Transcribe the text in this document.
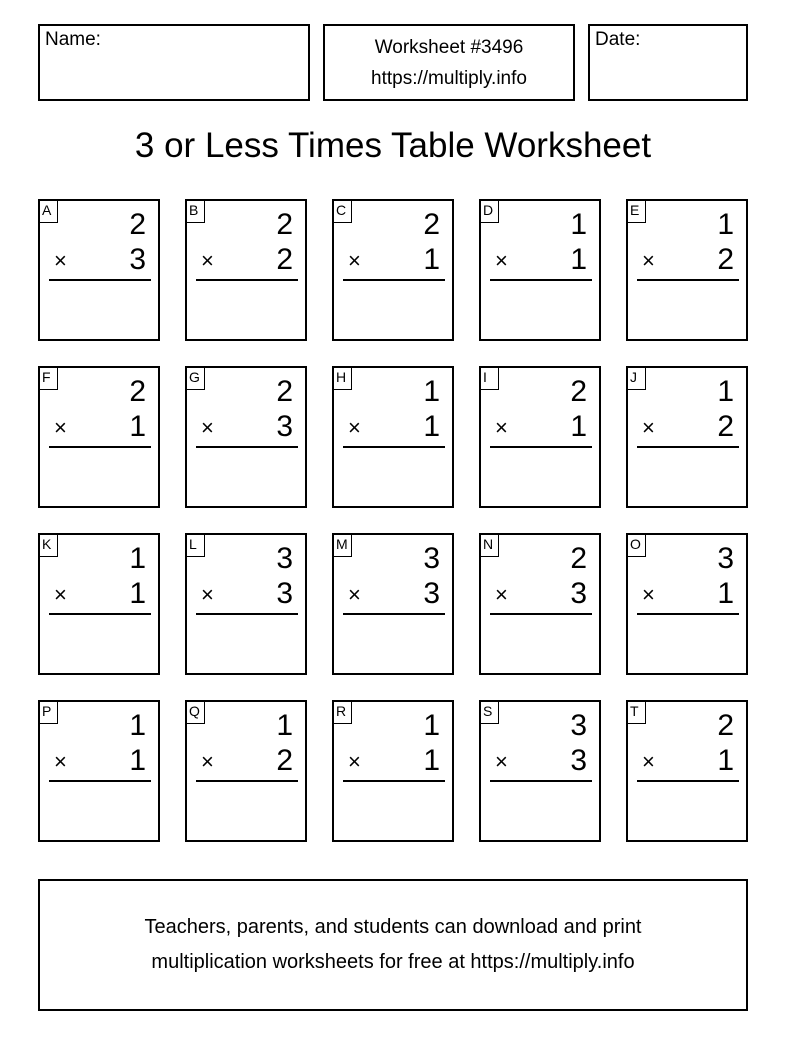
Name:	Worksheet #3496
https://multiply.info
Date:
3 or Less Times Table Worksheet
A	2
× 3
B	2
× 2
C	2
× 1
D	1
× 1
E	1
× 2
F	2
× 1
G	2
× 3
H	1
× 1
I	2
× 1
J	1
× 2
K	1
× 1
L	3
× 3
M	3
× 3
N	2
× 3
O	3
× 1
P	1
× 1
Q	1
× 2
R	1
× 1
S	3
× 3
T	2
× 1
Teachers, parents, and students can download and print
multiplication worksheets for free at https://multiply.info
